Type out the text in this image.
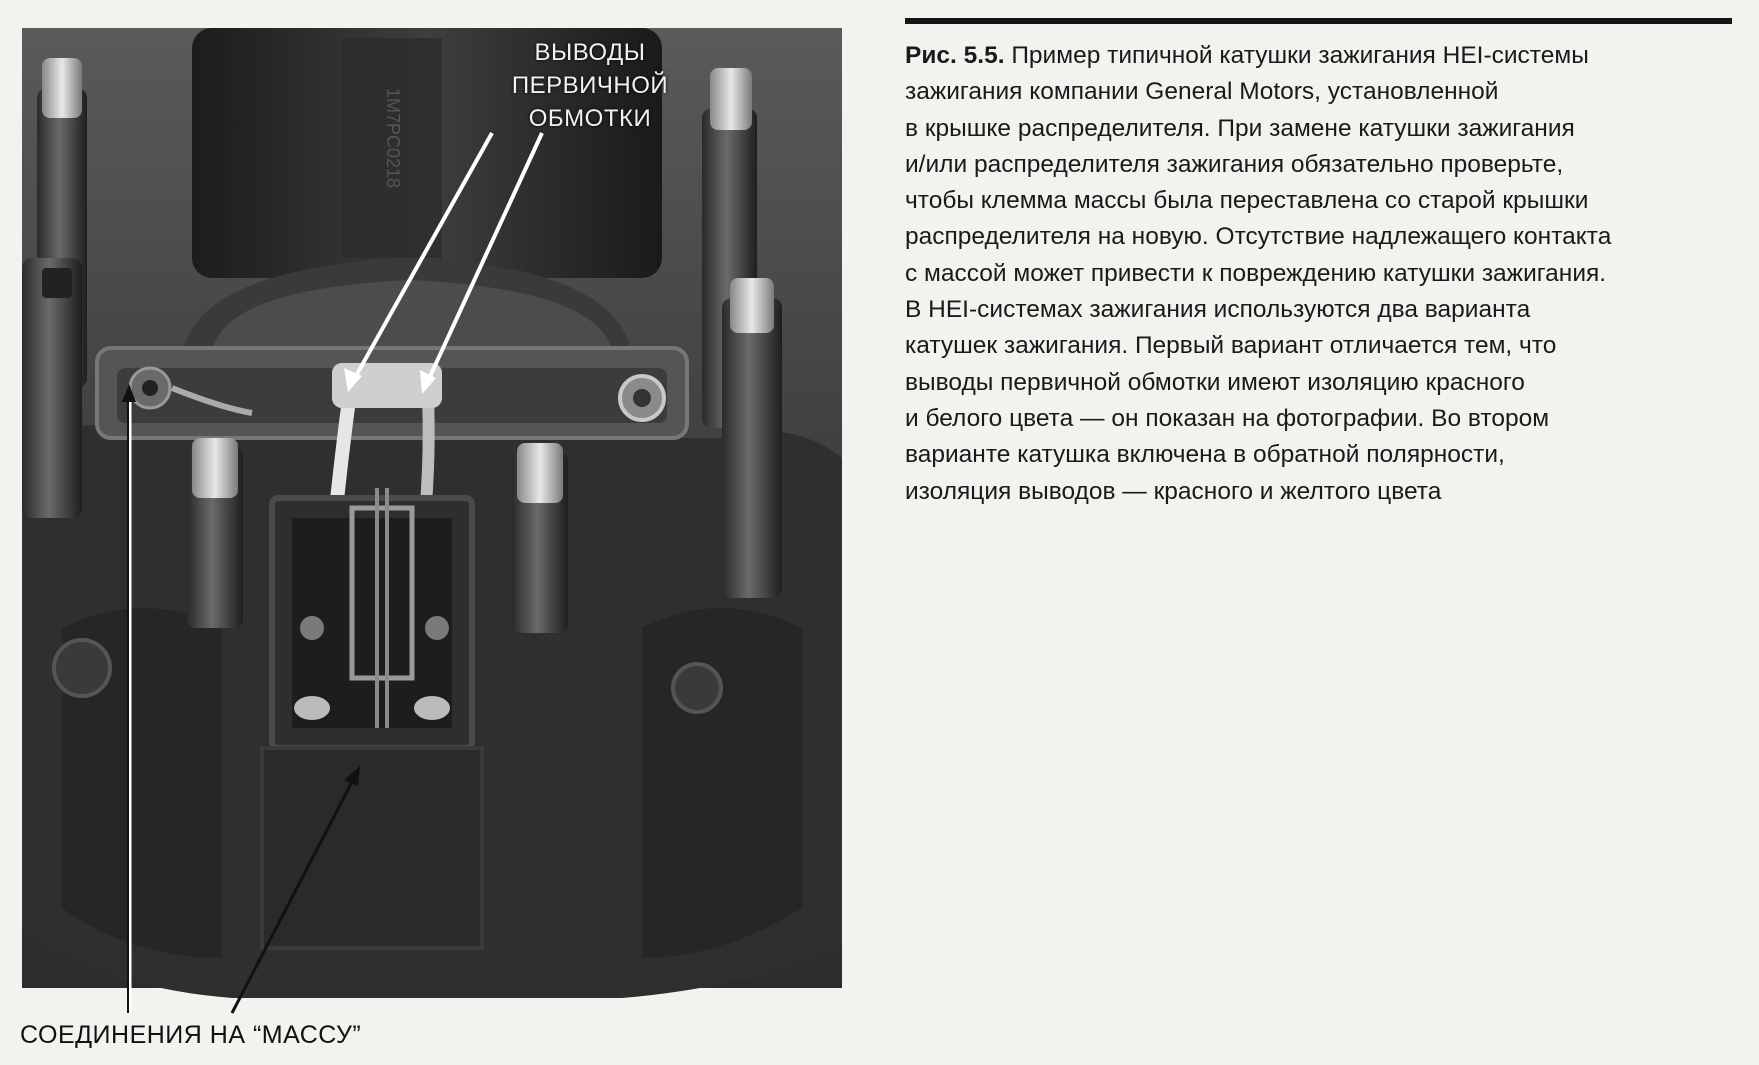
1M7PC0218
ВЫВОДЫ
ПЕРВИЧНОЙ
ОБМОТКИ
СОЕДИНЕНИЯ НА “МАССУ”
Рис. 5.5. Пример типичной катушки зажигания HEI-системы
зажигания компании General Motors, установленной
в крышке распределителя. При замене катушки зажигания
и/или распределителя зажигания обязательно проверьте,
чтобы клемма массы была переставлена со старой крышки
распределителя на новую. Отсутствие надлежащего контакта
с массой может привести к повреждению катушки зажигания.
В HEI-системах зажигания используются два варианта
катушек зажигания. Первый вариант отличается тем, что
выводы первичной обмотки имеют изоляцию красного
и белого цвета — он показан на фотографии. Во втором
варианте катушка включена в обратной полярности,
изоляция выводов — красного и желтого цвета
